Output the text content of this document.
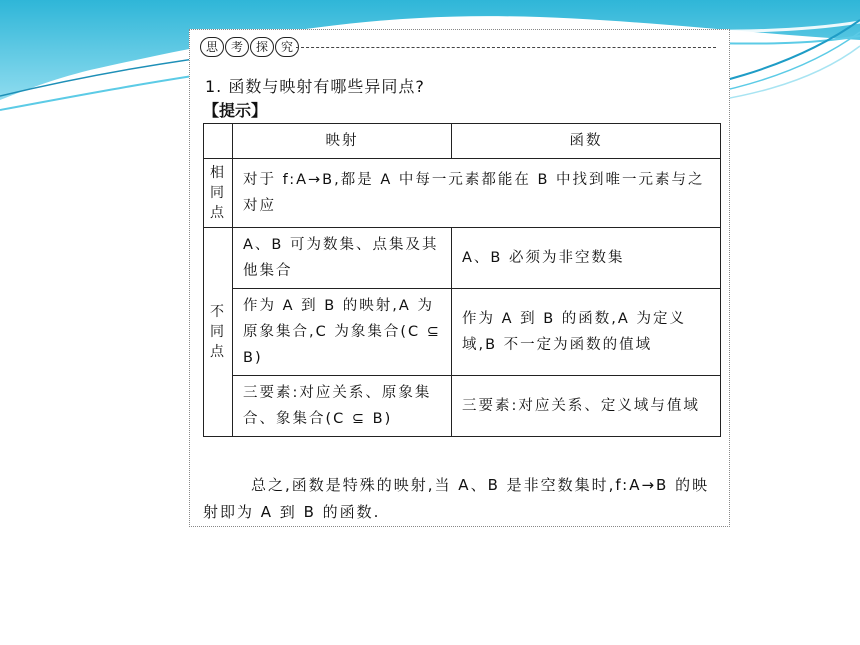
思 考 探 究
1. 函数与映射有哪些异同点?
【提示】
	映射	函数
相同点	对于 f:A→B,都是 A 中每一元素都能在 B 中找到唯一元素与之对应	
不同点	A、B 可为数集、点集及其他集合	A、B 必须为非空数集
	作为 A 到 B 的映射,A 为原象集合,C 为象集合(C ⊆ B)	作为 A 到 B 的函数,A 为定义域,B 不一定为函数的值域
	三要素:对应关系、原象集合、象集合(C ⊆ B)	三要素:对应关系、定义域与值域
总之,函数是特殊的映射,当 A、B 是非空数集时,f:A→B 的映射即为 A 到 B 的函数.
